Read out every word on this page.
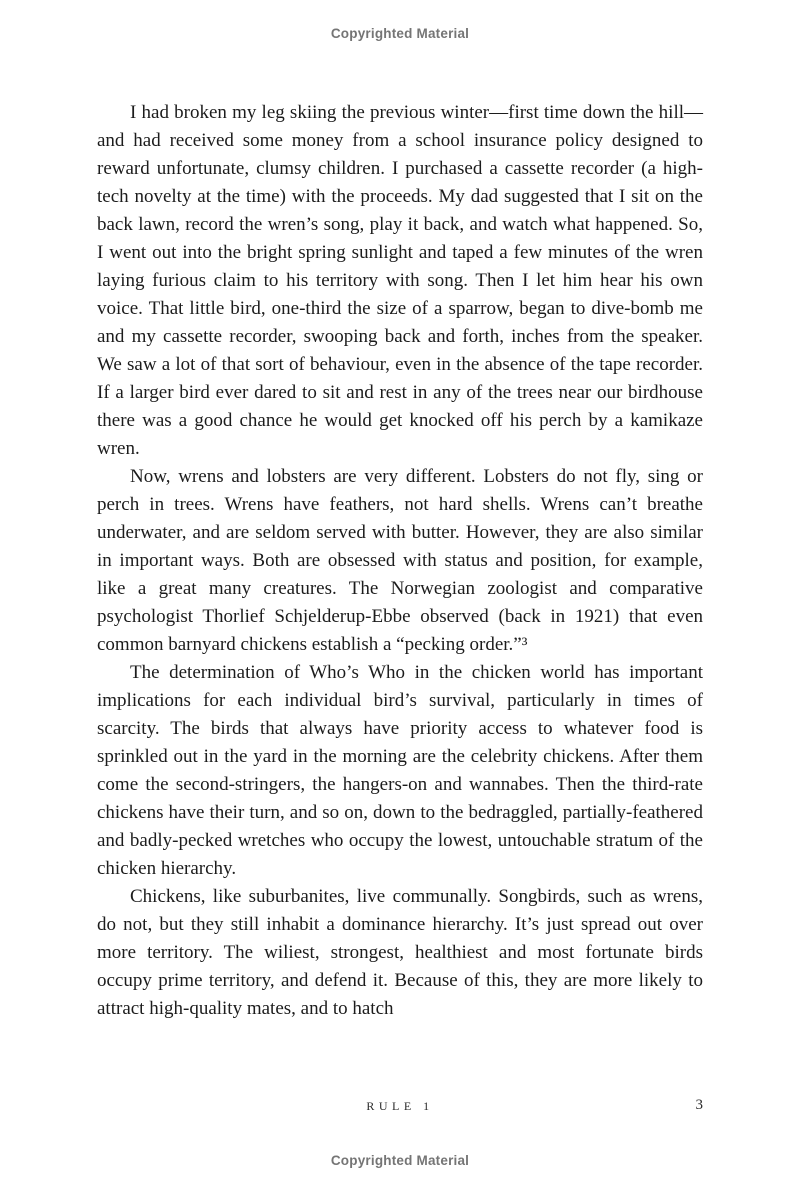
Copyrighted Material

I had broken my leg skiing the previous winter—first time down the hill—and had received some money from a school insurance policy designed to reward unfortunate, clumsy children. I purchased a cassette recorder (a high-tech novelty at the time) with the proceeds. My dad suggested that I sit on the back lawn, record the wren’s song, play it back, and watch what happened. So, I went out into the bright spring sunlight and taped a few minutes of the wren laying furious claim to his territory with song. Then I let him hear his own voice. That little bird, one-third the size of a sparrow, began to dive-bomb me and my cassette recorder, swooping back and forth, inches from the speaker. We saw a lot of that sort of behaviour, even in the absence of the tape recorder. If a larger bird ever dared to sit and rest in any of the trees near our birdhouse there was a good chance he would get knocked off his perch by a kamikaze wren.

Now, wrens and lobsters are very different. Lobsters do not fly, sing or perch in trees. Wrens have feathers, not hard shells. Wrens can’t breathe underwater, and are seldom served with butter. However, they are also similar in important ways. Both are obsessed with status and position, for example, like a great many creatures. The Norwegian zoologist and comparative psychologist Thorlief Schjelderup-Ebbe observed (back in 1921) that even common barnyard chickens establish a “pecking order.”³

The determination of Who’s Who in the chicken world has important implications for each individual bird’s survival, particularly in times of scarcity. The birds that always have priority access to whatever food is sprinkled out in the yard in the morning are the celebrity chickens. After them come the second-stringers, the hangers-on and wannabes. Then the third-rate chickens have their turn, and so on, down to the bedraggled, partially-feathered and badly-pecked wretches who occupy the lowest, untouchable stratum of the chicken hierarchy.

Chickens, like suburbanites, live communally. Songbirds, such as wrens, do not, but they still inhabit a dominance hierarchy. It’s just spread out over more territory. The wiliest, strongest, healthiest and most fortunate birds occupy prime territory, and defend it. Because of this, they are more likely to attract high-quality mates, and to hatch

RULE 1	3
Copyrighted Material
